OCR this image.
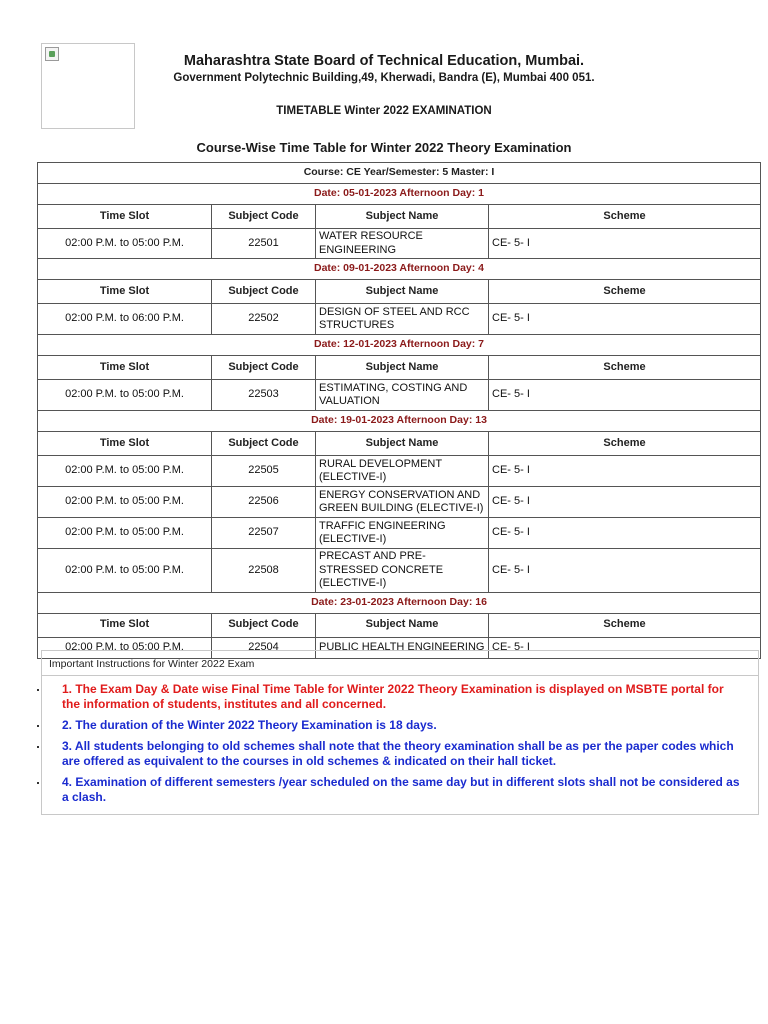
Maharashtra State Board of Technical Education, Mumbai.
Government Polytechnic Building,49, Kherwadi, Bandra (E), Mumbai 400 051.
TIMETABLE Winter 2022 EXAMINATION
Course-Wise Time Table for Winter 2022 Theory Examination
Course: CE Year/Semester: 5 Master: I			
Date: 05-01-2023 Afternoon Day: 1			
Time Slot	Subject Code	Subject Name	Scheme
02:00 P.M. to 05:00 P.M.	22501	WATER RESOURCE ENGINEERING	CE- 5- I
Date: 09-01-2023 Afternoon Day: 4			
Time Slot	Subject Code	Subject Name	Scheme
02:00 P.M. to 06:00 P.M.	22502	DESIGN OF STEEL AND RCC STRUCTURES	CE- 5- I
Date: 12-01-2023 Afternoon Day: 7			
Time Slot	Subject Code	Subject Name	Scheme
02:00 P.M. to 05:00 P.M.	22503	ESTIMATING, COSTING AND VALUATION	CE- 5- I
Date: 19-01-2023 Afternoon Day: 13			
Time Slot	Subject Code	Subject Name	Scheme
02:00 P.M. to 05:00 P.M.	22505	RURAL DEVELOPMENT (ELECTIVE-I)	CE- 5- I
02:00 P.M. to 05:00 P.M.	22506	ENERGY CONSERVATION AND GREEN BUILDING (ELECTIVE-I)	CE- 5- I
02:00 P.M. to 05:00 P.M.	22507	TRAFFIC ENGINEERING (ELECTIVE-I)	CE- 5- I
02:00 P.M. to 05:00 P.M.	22508	PRECAST AND PRE-STRESSED CONCRETE (ELECTIVE-I)	CE- 5- I
Date: 23-01-2023 Afternoon Day: 16			
Time Slot	Subject Code	Subject Name	Scheme
02:00 P.M. to 05:00 P.M.	22504	PUBLIC HEALTH ENGINEERING	CE- 5- I
Important Instructions for Winter 2022 Exam
1. The Exam Day & Date wise Final Time Table for Winter 2022 Theory Examination is displayed on MSBTE portal for the information of students, institutes and all concerned.
2. The duration of the Winter 2022 Theory Examination is 18 days.
3. All students belonging to old schemes shall note that the theory examination shall be as per the paper codes which are offered as equivalent to the courses in old schemes & indicated on their hall ticket.
4. Examination of different semesters /year scheduled on the same day but in different slots shall not be considered as a clash.
